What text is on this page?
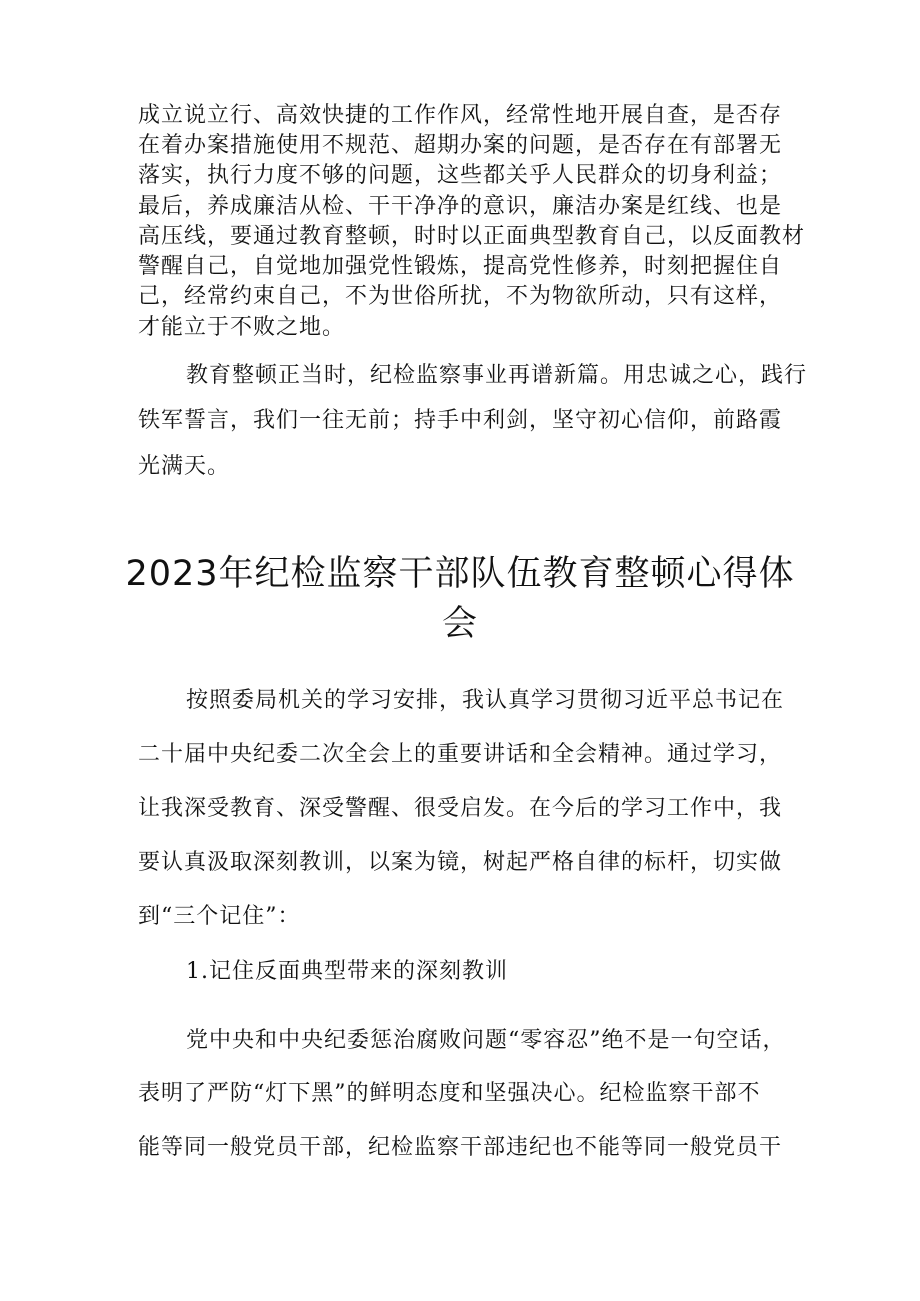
成立说立行、高效快捷的工作作风，经常性地开展自查，是否存
在着办案措施使用不规范、超期办案的问题，是否存在有部署无
落实，执行力度不够的问题，这些都关乎人民群众的切身利益；
最后，养成廉洁从检、干干净净的意识，廉洁办案是红线、也是
高压线，要通过教育整顿，时时以正面典型教育自己，以反面教材
警醒自己，自觉地加强党性锻炼，提高党性修养，时刻把握住自
己，经常约束自己，不为世俗所扰，不为物欲所动，只有这样，
才能立于不败之地。
教育整顿正当时，纪检监察事业再谱新篇。用忠诚之心，践行
铁军誓言，我们一往无前；持手中利剑，坚守初心信仰，前路霞
光满天。
2023年纪检监察干部队伍教育整顿心得体
会
按照委局机关的学习安排，我认真学习贯彻习近平总书记在
二十届中央纪委二次全会上的重要讲话和全会精神。通过学习，
让我深受教育、深受警醒、很受启发。在今后的学习工作中，我
要认真汲取深刻教训，以案为镜，树起严格自律的标杆，切实做
到“三个记住”：
1.记住反面典型带来的深刻教训
党中央和中央纪委惩治腐败问题“零容忍”绝不是一句空话，
表明了严防“灯下黑”的鲜明态度和坚强决心。纪检监察干部不
能等同一般党员干部，纪检监察干部违纪也不能等同一般党员干
